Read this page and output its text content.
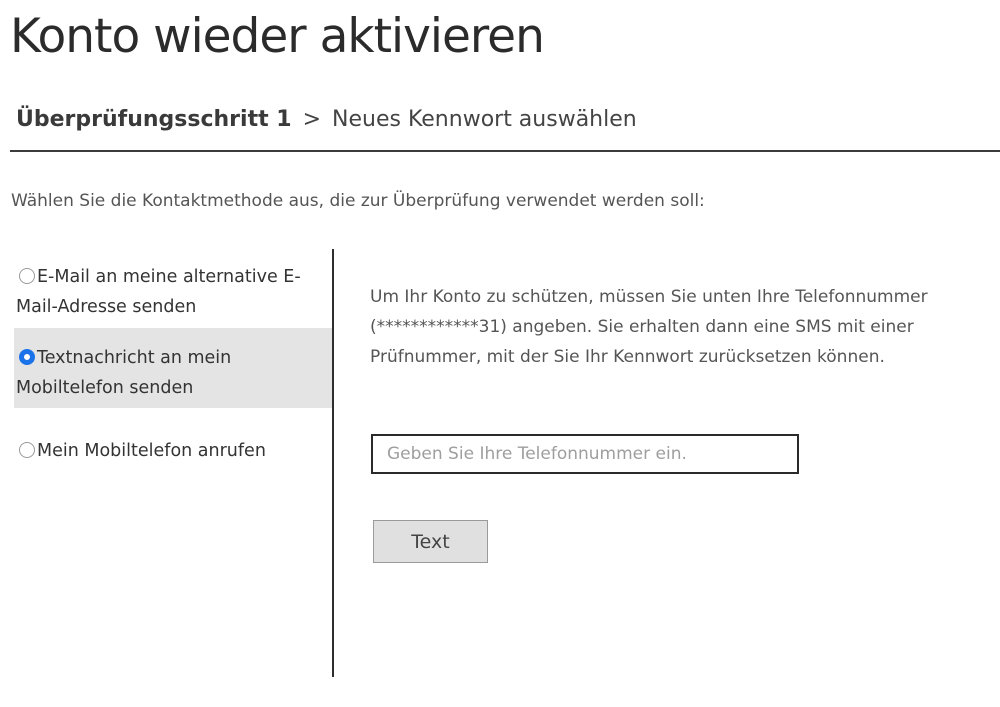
Konto wieder aktivieren
Überprüfungsschritt 1 > Neues Kennwort auswählen
Wählen Sie die Kontaktmethode aus, die zur Überprüfung verwendet werden soll:
E-Mail an meine alternative E-Mail-Adresse senden
Textnachricht an mein Mobiltelefon senden
Mein Mobiltelefon anrufen
Um Ihr Konto zu schützen, müssen Sie unten Ihre Telefonnummer (************31) angeben. Sie erhalten dann eine SMS mit einer Prüfnummer, mit der Sie Ihr Kennwort zurücksetzen können.
Geben Sie Ihre Telefonnummer ein.
Text
